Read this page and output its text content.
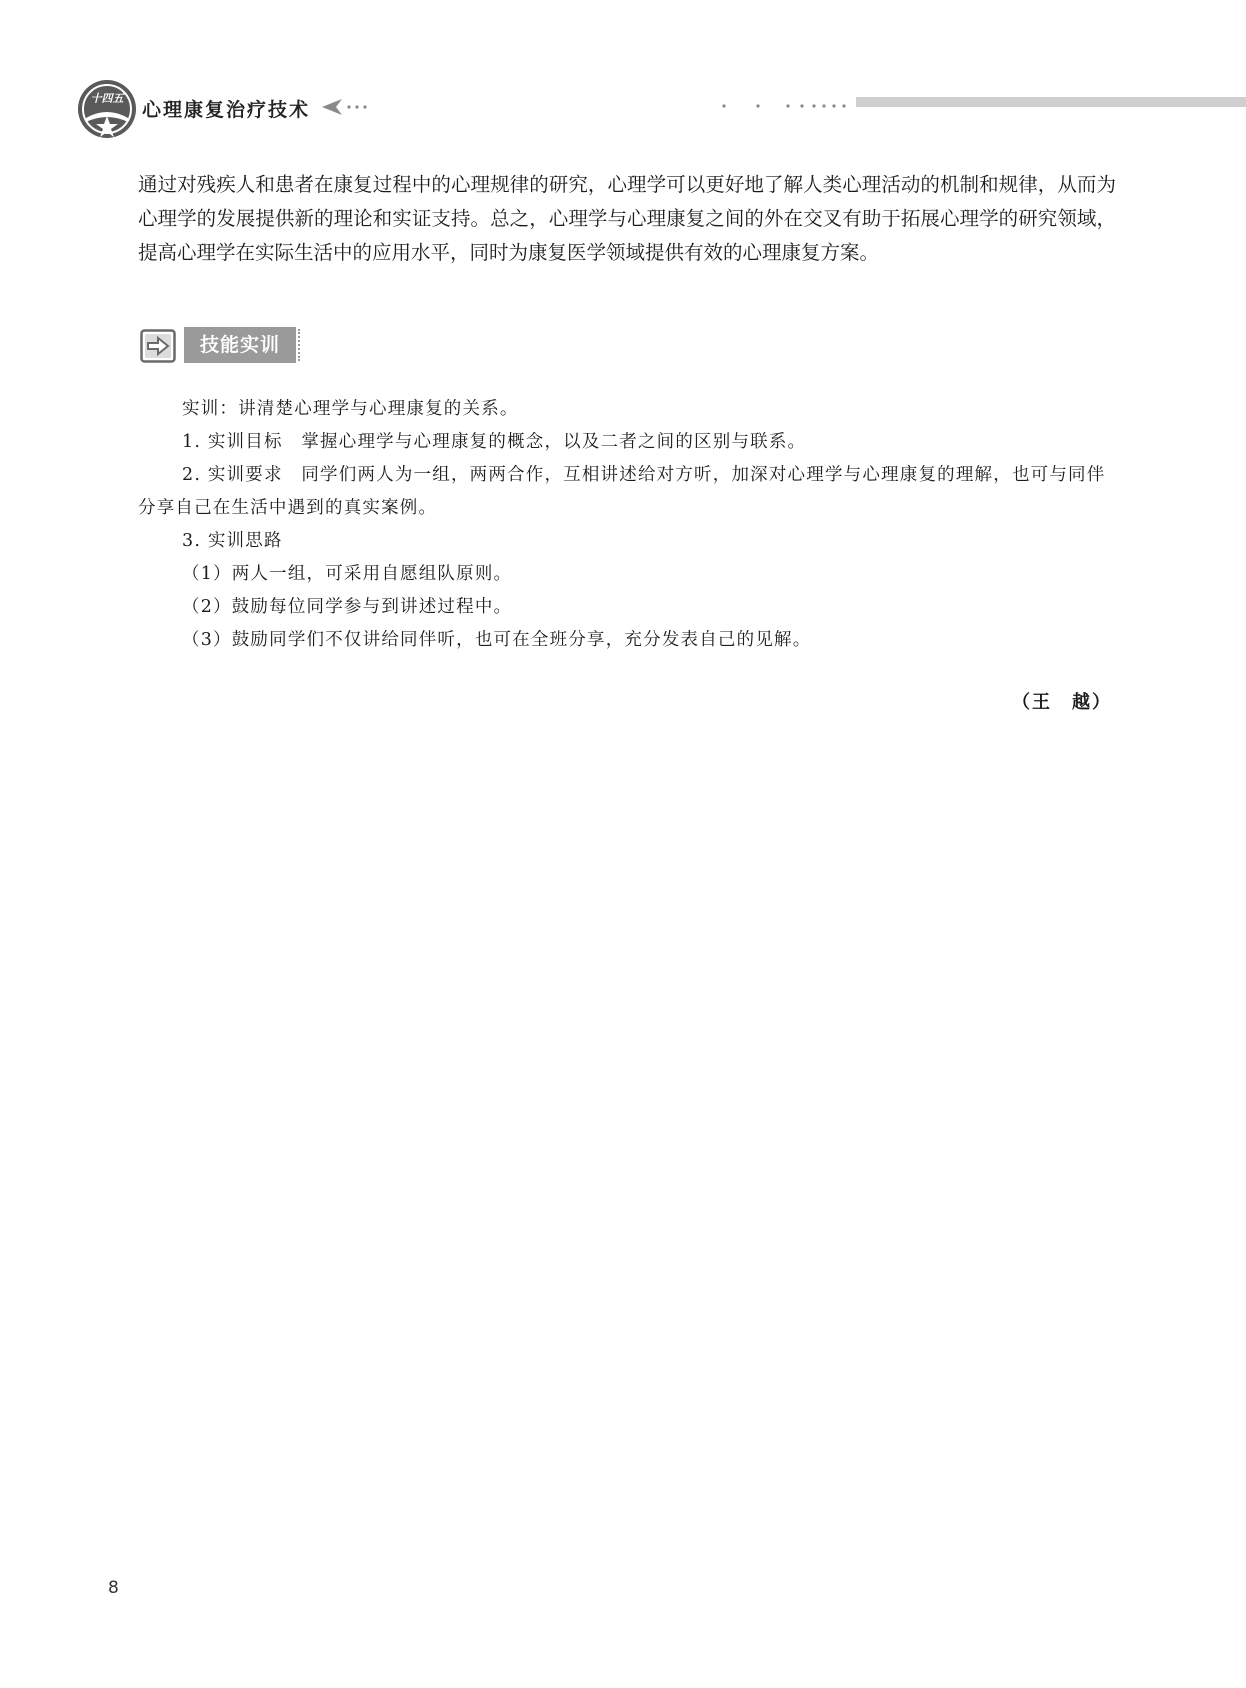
十四五
心理康复治疗技术

通过对残疾人和患者在康复过程中的心理规律的研究，心理学可以更好地了解人类心理活动的机制和规律，从而为心理学的发展提供新的理论和实证支持。总之，心理学与心理康复之间的外在交叉有助于拓展心理学的研究领域，提高心理学在实际生活中的应用水平，同时为康复医学领域提供有效的心理康复方案。

技能实训

实训：讲清楚心理学与心理康复的关系。

1. 实训目标　掌握心理学与心理康复的概念，以及二者之间的区别与联系。

2. 实训要求　同学们两人为一组，两两合作，互相讲述给对方听，加深对心理学与心理康复的理解，也可与同伴分享自己在生活中遇到的真实案例。

3. 实训思路

（1）两人一组，可采用自愿组队原则。

（2）鼓励每位同学参与到讲述过程中。

（3）鼓励同学们不仅讲给同伴听，也可在全班分享，充分发表自己的见解。

（王　越）
8
